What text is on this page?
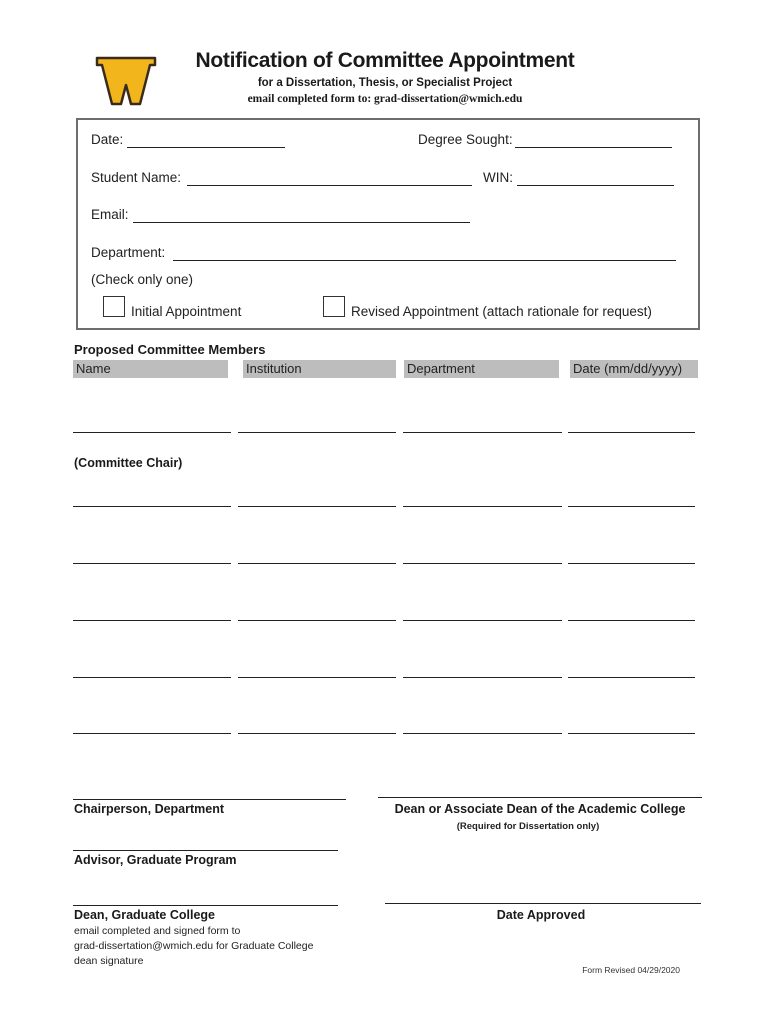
Notification of Committee Appointment
for a Dissertation, Thesis, or Specialist Project
email completed form to: grad-dissertation@wmich.edu
Date:	Degree Sought:
Student Name:	WIN:
Email:
Department:
(Check only one)
Initial Appointment	Revised Appointment (attach rationale for request)
Proposed Committee Members
Name	Institution	Department	Date (mm/dd/yyyy)
(Committee Chair)
Chairperson, Department	Dean or Associate Dean of the Academic College
(Required for Dissertation only)
Advisor, Graduate Program
Dean, Graduate College	Date Approved
email completed and signed form to
grad-dissertation@wmich.edu for Graduate College
dean signature
Form Revised 04/29/2020
